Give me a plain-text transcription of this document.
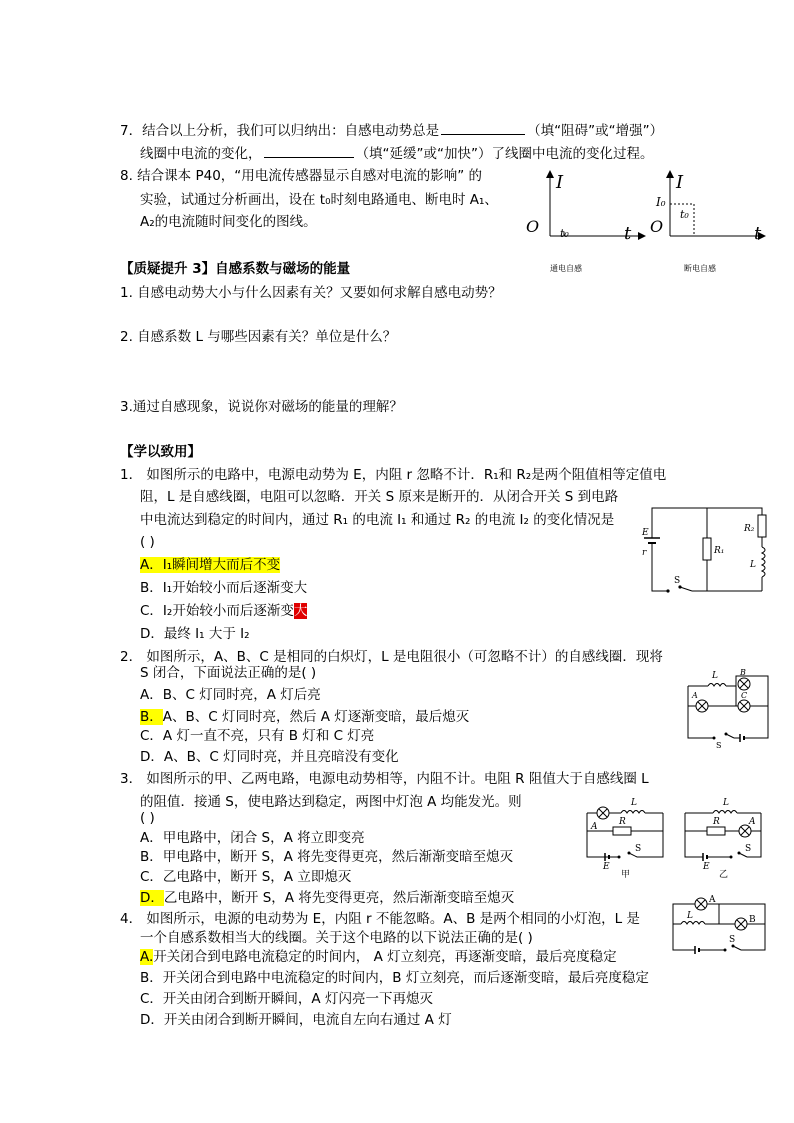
7．结合以上分析，我们可以归纳出：自感电动势总是	（填“阻碍”或“增强”）
线圈中电流的变化，	（填“延缓”或“加快”）了线圈中电流的变化过程。
8. 结合课本 P40，“用电流传感器显示自感对电流的影响” 的
实验，试通过分析画出，设在 t₀时刻电路通电、断电时 A₁、
A₂的电流随时间变化的图线。
I
O t₀	t
通电自感
I
I₀
t₀
O	t
断电自感
【质疑提升 3】自感系数与磁场的能量
1. 自感电动势大小与什么因素有关？又要如何求解自感电动势？
2. 自感系数 L 与哪些因素有关？单位是什么？
3.通过自感现象，说说你对磁场的能量的理解？
【学以致用】
1． 如图所示的电路中，电源电动势为 E，内阻 r 忽略不计．R₁和 R₂是两个阻值相等定值电
阻，L 是自感线圈，电阻可以忽略．开关 S 原来是断开的．从闭合开关 S 到电路
中电流达到稳定的时间内，通过 R₁ 的电流 I₁ 和通过 R₂ 的电流 I₂ 的变化情况是
( )
A．I₁瞬间增大而后不变
B．I₁开始较小而后逐渐变大
C．I₂开始较小而后逐渐变大
D．最终 I₁ 大于 I₂
E
r	R₁
R₂
L
S
2． 如图所示，A、B、C 是相同的白炽灯，L 是电阻很小（可忽略不计）的自感线圈．现将
S 闭合，下面说法正确的是( )
A．B、C 灯同时亮，A 灯后亮
B．A、B、C 灯同时亮，然后 A 灯逐渐变暗，最后熄灭
C．A 灯一直不亮，只有 B 灯和 C 灯亮
D．A、B、C 灯同时亮，并且亮暗没有变化
L
A
B
C
S
3． 如图所示的甲、乙两电路，电源电动势相等，内阻不计。电阻 R 阻值大于自感线圈 L
的阻值．接通 S，使电路达到稳定，两图中灯泡 A 均能发光。则
( )
A．甲电路中，闭合 S，A 将立即变亮
B．甲电路中，断开 S，A 将先变得更亮，然后渐渐变暗至熄灭
C．乙电路中，断开 S，A 立即熄灭
D．乙电路中，断开 S，A 将先变得更亮，然后渐渐变暗至熄灭
A
L
R
E
S
甲
L
R	A
E
S
乙
4． 如图所示，电源的电动势为 E，内阻 r 不能忽略。A、B 是两个相同的小灯泡，L 是
一个自感系数相当大的线圈。关于这个电路的以下说法正确的是( )
A.开关闭合到电路电流稳定的时间内， A 灯立刻亮，再逐渐变暗，最后亮度稳定
B．开关闭合到电路中电流稳定的时间内，B 灯立刻亮，而后逐渐变暗，最后亮度稳定
C．开关由闭合到断开瞬间，A 灯闪亮一下再熄灭
D．开关由闭合到断开瞬间，电流自左向右通过 A 灯
A
B
L
S
